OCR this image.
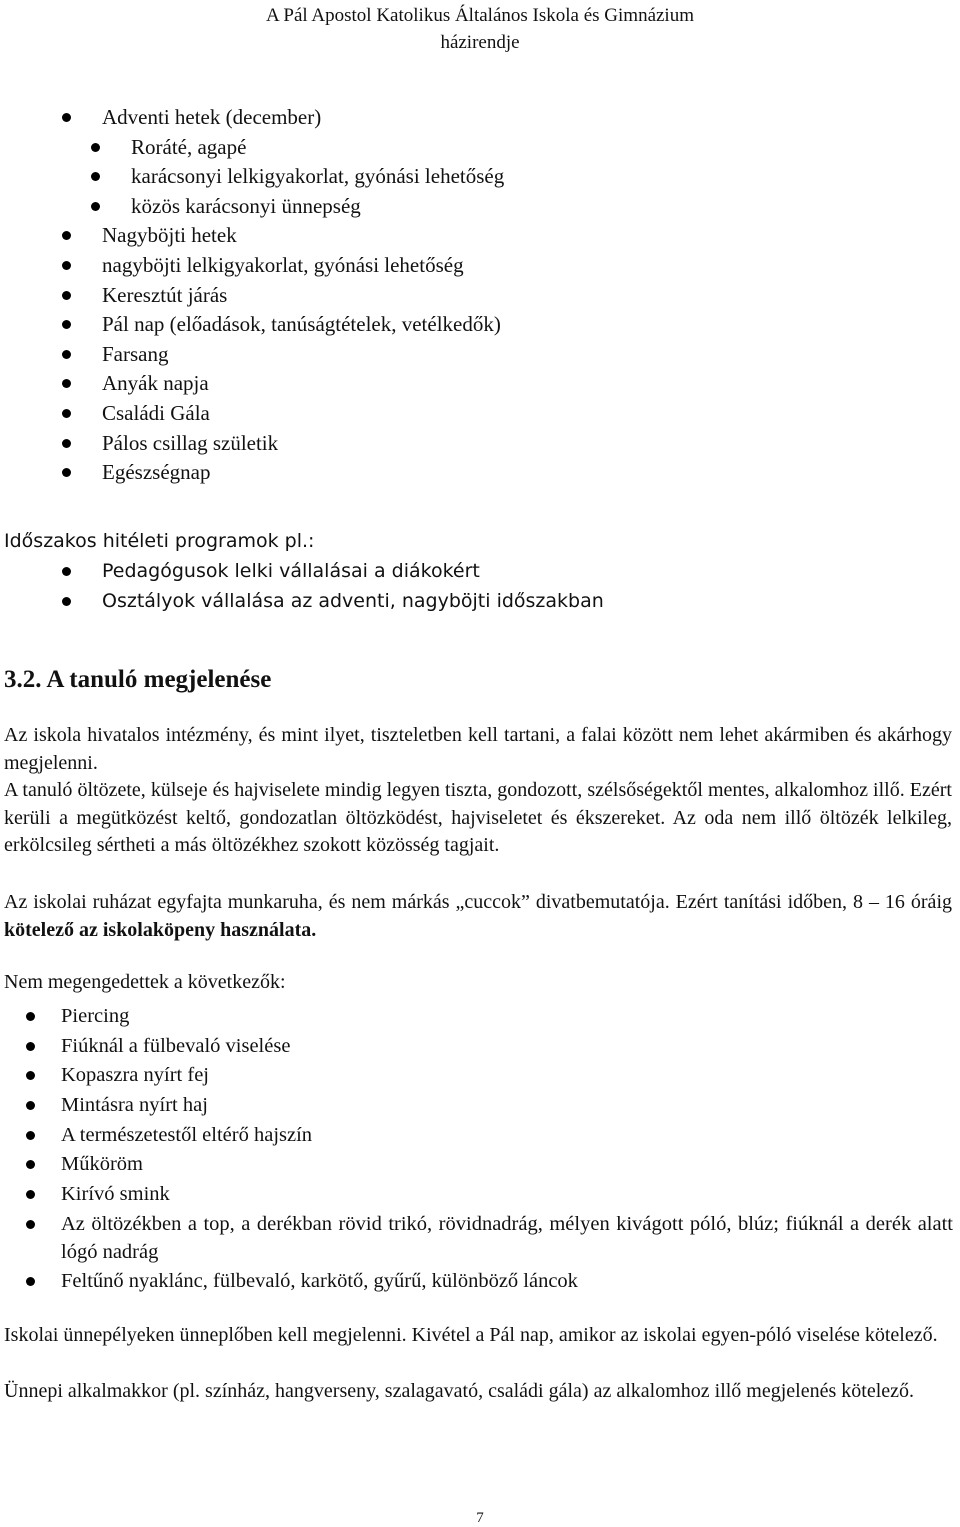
A Pál Apostol Katolikus Általános Iskola és Gimnázium
házirendje
Adventi hetek (december)
Roráté, agapé
karácsonyi lelkigyakorlat, gyónási lehetőség
közös karácsonyi ünnepség
Nagyböjti hetek
nagyböjti lelkigyakorlat, gyónási lehetőség
Keresztút járás
Pál nap (előadások, tanúságtételek, vetélkedők)
Farsang
Anyák napja
Családi Gála
Pálos csillag születik
Egészségnap
Időszakos hitéleti programok pl.:
Pedagógusok lelki vállalásai a diákokért
Osztályok vállalása az adventi, nagyböjti időszakban
3.2. A tanuló megjelenése

Az iskola hivatalos intézmény, és mint ilyet, tiszteletben kell tartani, a falai között nem lehet akármiben és akárhogy megjelenni.

A tanuló öltözete, külseje és hajviselete mindig legyen tiszta, gondozott, szélsőségektől mentes, alkalomhoz illő. Ezért kerüli a megütközést keltő, gondozatlan öltözködést, hajviseletet és ékszereket. Az oda nem illő öltözék lelkileg, erkölcsileg sértheti a más öltözékhez szokott közösség tagjait.

Az iskolai ruházat egyfajta munkaruha, és nem márkás „cuccok” divatbemutatója. Ezért tanítási időben, 8 – 16 óráig kötelező az iskolaköpeny használata.

Nem megengedettek a következők:
Piercing
Fiúknál a fülbevaló viselése
Kopaszra nyírt fej
Mintásra nyírt haj
A természetestől eltérő hajszín
Műköröm
Kirívó smink
Az öltözékben a top, a derékban rövid trikó, rövidnadrág, mélyen kivágott póló, blúz; fiúknál a derék alatt lógó nadrág
Feltűnő nyaklánc, fülbevaló, karkötő, gyűrű, különböző láncok

Iskolai ünnepélyeken ünneplőben kell megjelenni. Kivétel a Pál nap, amikor az iskolai egyen-póló viselése kötelező.

Ünnepi alkalmakkor (pl. színház, hangverseny, szalagavató, családi gála) az alkalomhoz illő megjelenés kötelező.

7
